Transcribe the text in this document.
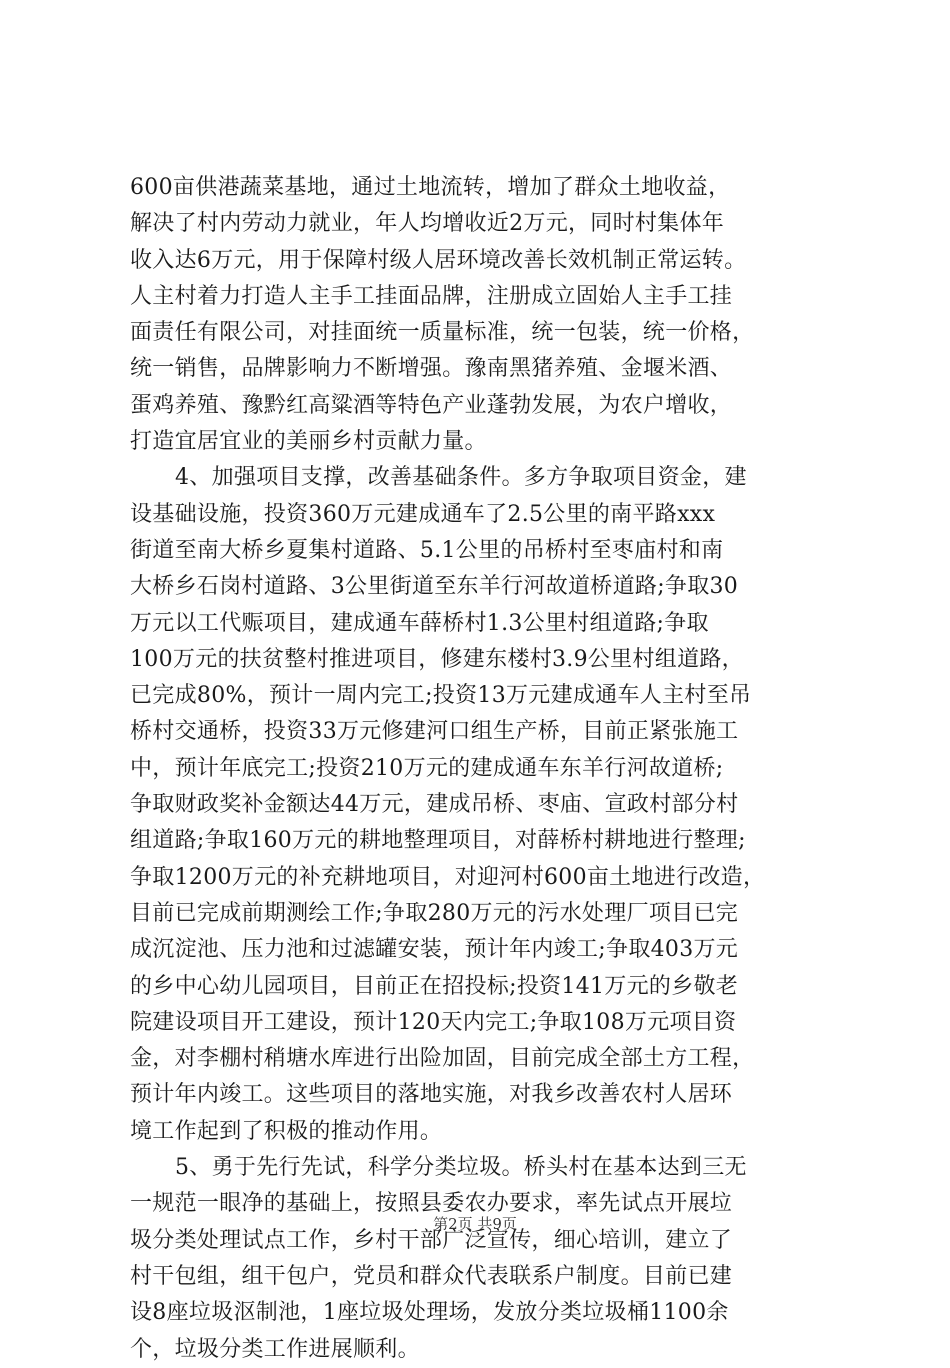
600亩供港蔬菜基地，通过土地流转，增加了群众土地收益，
解决了村内劳动力就业，年人均增收近2万元，同时村集体年
收入达6万元，用于保障村级人居环境改善长效机制正常运转。
人主村着力打造人主手工挂面品牌，注册成立固始人主手工挂
面责任有限公司，对挂面统一质量标准，统一包装，统一价格，
统一销售，品牌影响力不断增强。豫南黑猪养殖、金堰米酒、
蛋鸡养殖、豫黔红高粱酒等特色产业蓬勃发展，为农户增收，
打造宜居宜业的美丽乡村贡献力量。
4、加强项目支撑，改善基础条件。多方争取项目资金，建
设基础设施，投资360万元建成通车了2.5公里的南平路xxx
街道至南大桥乡夏集村道路、5.1公里的吊桥村至枣庙村和南
大桥乡石岗村道路、3公里街道至东羊行河故道桥道路;争取30
万元以工代赈项目，建成通车薛桥村1.3公里村组道路;争取
100万元的扶贫整村推进项目，修建东楼村3.9公里村组道路，
已完成80%，预计一周内完工;投资13万元建成通车人主村至吊
桥村交通桥，投资33万元修建河口组生产桥，目前正紧张施工
中，预计年底完工;投资210万元的建成通车东羊行河故道桥;
争取财政奖补金额达44万元，建成吊桥、枣庙、宣政村部分村
组道路;争取160万元的耕地整理项目，对薛桥村耕地进行整理;
争取1200万元的补充耕地项目，对迎河村600亩土地进行改造，
目前已完成前期测绘工作;争取280万元的污水处理厂项目已完
成沉淀池、压力池和过滤罐安装，预计年内竣工;争取403万元
的乡中心幼儿园项目，目前正在招投标;投资141万元的乡敬老
院建设项目开工建设，预计120天内完工;争取108万元项目资
金，对李棚村稍塘水库进行出险加固，目前完成全部土方工程，
预计年内竣工。这些项目的落地实施，对我乡改善农村人居环
境工作起到了积极的推动作用。
5、勇于先行先试，科学分类垃圾。桥头村在基本达到三无
一规范一眼净的基础上，按照县委农办要求，率先试点开展垃
圾分类处理试点工作，乡村干部广泛宣传，细心培训，建立了
村干包组，组干包户，党员和群众代表联系户制度。目前已建
设8座垃圾沤制池，1座垃圾处理场，发放分类垃圾桶1100余
个，垃圾分类工作进展顺利。
第2页 共9页
